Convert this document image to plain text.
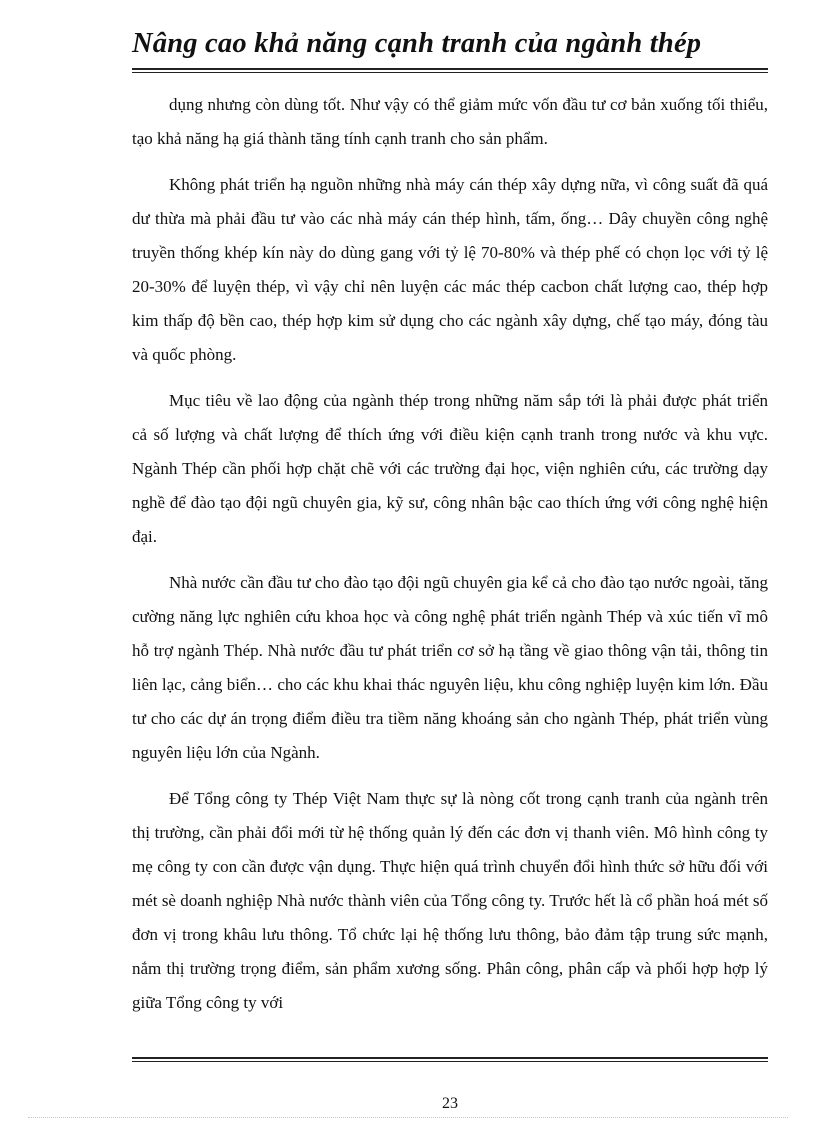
Nâng cao khả năng cạnh tranh của ngành thép

dụng nhưng còn dùng tốt. Như vậy có thể giảm mức vốn đầu tư cơ bản xuống tối thiểu, tạo khả năng hạ giá thành tăng tính cạnh tranh cho sản phẩm.

Không phát triển hạ nguồn những nhà máy cán thép xây dựng nữa, vì công suất đã quá dư thừa mà phải đầu tư vào các nhà máy cán thép hình, tấm, ống… Dây chuyền công nghệ truyền thống khép kín này do dùng gang với tỷ lệ 70-80% và thép phế có chọn lọc với tỷ lệ 20-30% để luyện thép, vì vậy chỉ nên luyện các mác thép cacbon chất lượng cao, thép hợp kim thấp độ bền cao, thép hợp kim sử dụng cho các ngành xây dựng, chế tạo máy, đóng tàu và quốc phòng.

Mục tiêu về lao động của ngành thép trong những năm sắp tới là phải được phát triển cả số lượng và chất lượng để thích ứng với điều kiện cạnh tranh trong nước và khu vực. Ngành Thép cần phối hợp chặt chẽ với các trường đại học, viện nghiên cứu, các trường dạy nghề để đào tạo đội ngũ chuyên gia, kỹ sư, công nhân bậc cao thích ứng với công nghệ hiện đại.

Nhà nước cần đầu tư cho đào tạo đội ngũ chuyên gia kể cả cho đào tạo nước ngoài, tăng cường năng lực nghiên cứu khoa học và công nghệ phát triển ngành Thép và xúc tiến vĩ mô hỗ trợ ngành Thép. Nhà nước đầu tư phát triển cơ sở hạ tầng về giao thông vận tải, thông tin liên lạc, cảng biển… cho các khu khai thác nguyên liệu, khu công nghiệp luyện kim lớn. Đầu tư cho các dự án trọng điểm điều tra tiềm năng khoáng sản cho ngành Thép, phát triển vùng nguyên liệu lớn của Ngành.

Để Tổng công ty Thép Việt Nam thực sự là nòng cốt trong cạnh tranh của ngành trên thị trường, cần phải đổi mới từ hệ thống quản lý đến các đơn vị thanh viên. Mô hình công ty mẹ công ty con cần được vận dụng. Thực hiện quá trình chuyển đổi hình thức sở hữu đối với mét sè doanh nghiệp Nhà nước thành viên của Tổng công ty. Trước hết là cổ phần hoá mét số đơn vị trong khâu lưu thông. Tổ chức lại hệ thống lưu thông, bảo đảm tập trung sức mạnh, nắm thị trường trọng điểm, sản phẩm xương sống. Phân công, phân cấp và phối hợp hợp lý giữa Tổng công ty với

23
